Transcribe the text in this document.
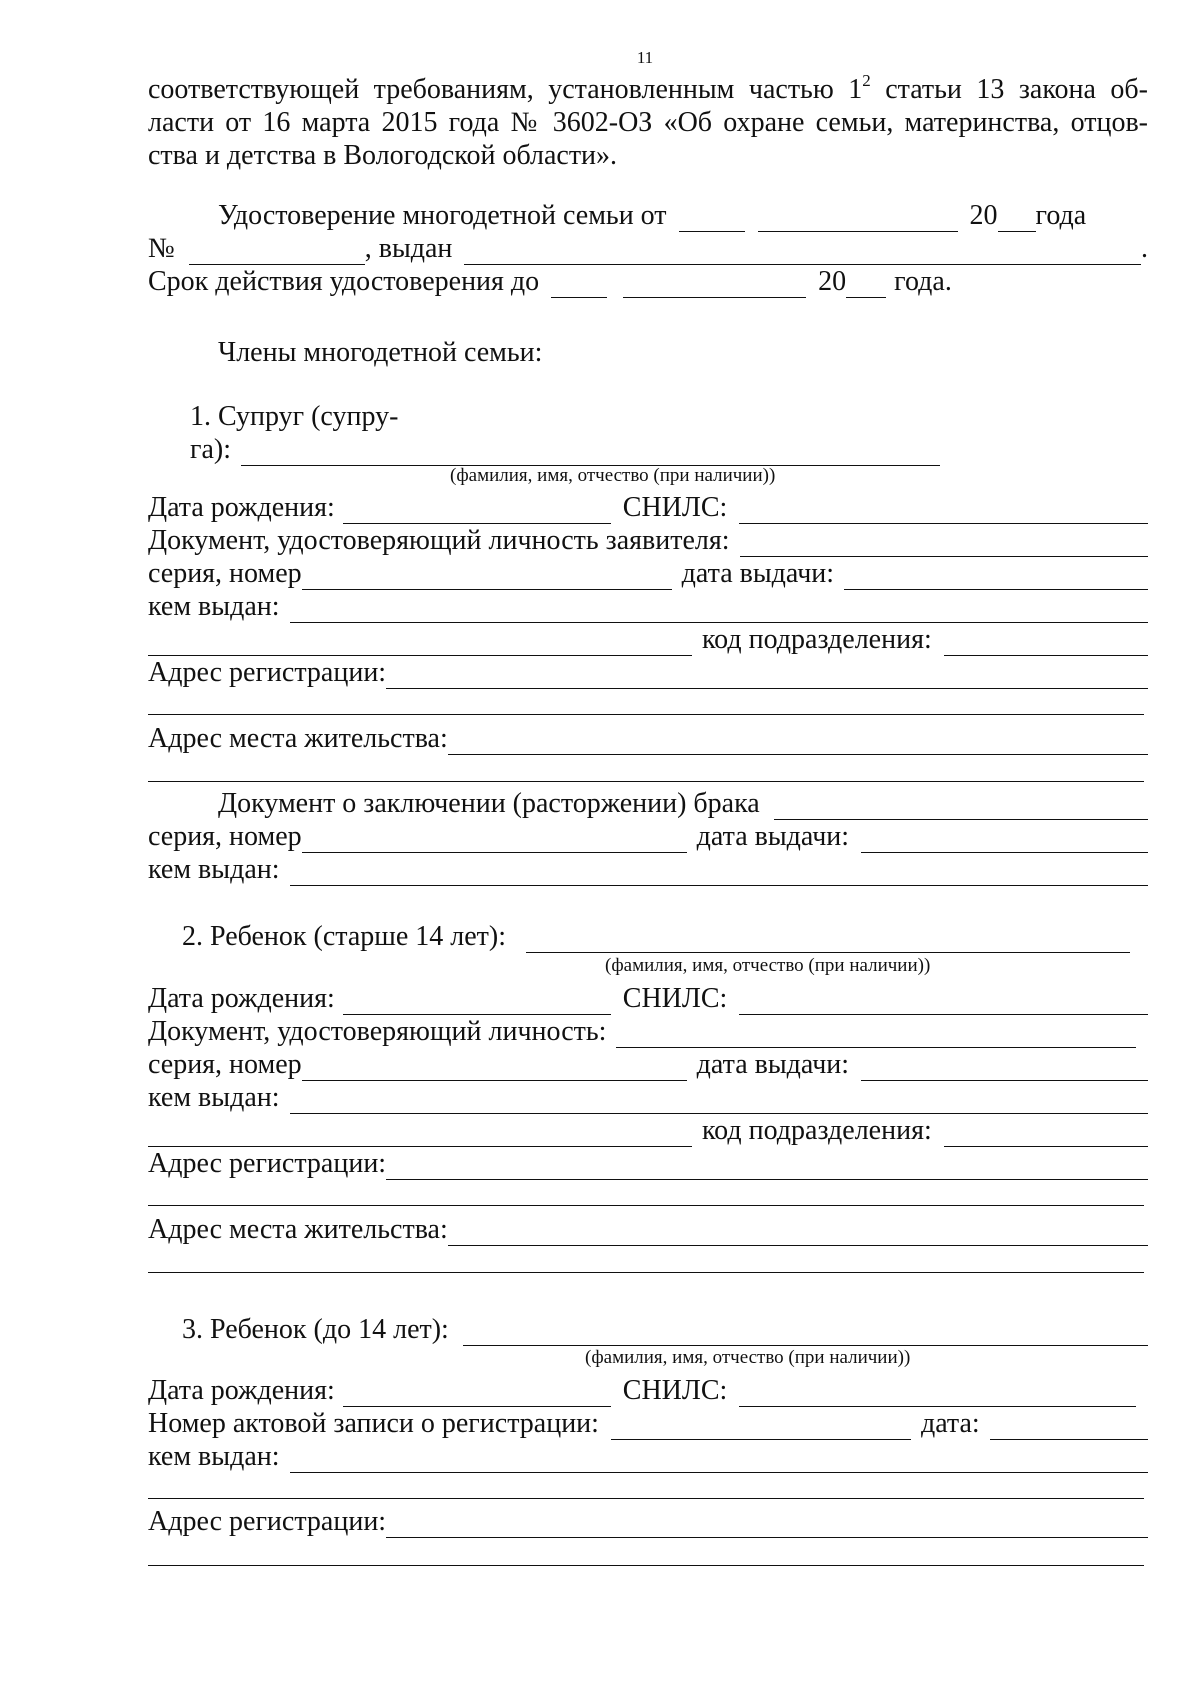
11
соответствующей требованиям, установленным частью $1^2$ статьи 13 закона об-
ласти от 16 марта 2015 года № 3602-ОЗ «Об охране семьи, материнства, отцов-
ства и детства в Вологодской области».
Удостоверение многодетной семьи от	20 года
№	, выдан	.
Срок действия удостоверения до	20 года.
Члены многодетной семьи:
1. Супруг (супру-
га):
(фамилия, имя, отчество (при наличии))
Дата рождения:	СНИЛС:
Документ, удостоверяющий личность заявителя:
серия, номер	дата выдачи:
кем выдан:
код подразделения:
Адрес регистрации:
Адрес места жительства:
Документ о заключении (расторжении) брака
серия, номер	дата выдачи:
кем выдан:
2. Ребенок (старше 14 лет):
(фамилия, имя, отчество (при наличии))
Дата рождения:	СНИЛС:
Документ, удостоверяющий личность:
серия, номер	дата выдачи:
кем выдан:
код подразделения:
Адрес регистрации:
Адрес места жительства:
3. Ребенок (до 14 лет):
(фамилия, имя, отчество (при наличии))
Дата рождения:	СНИЛС:
Номер актовой записи о регистрации:	дата:
кем выдан:
Адрес регистрации:
